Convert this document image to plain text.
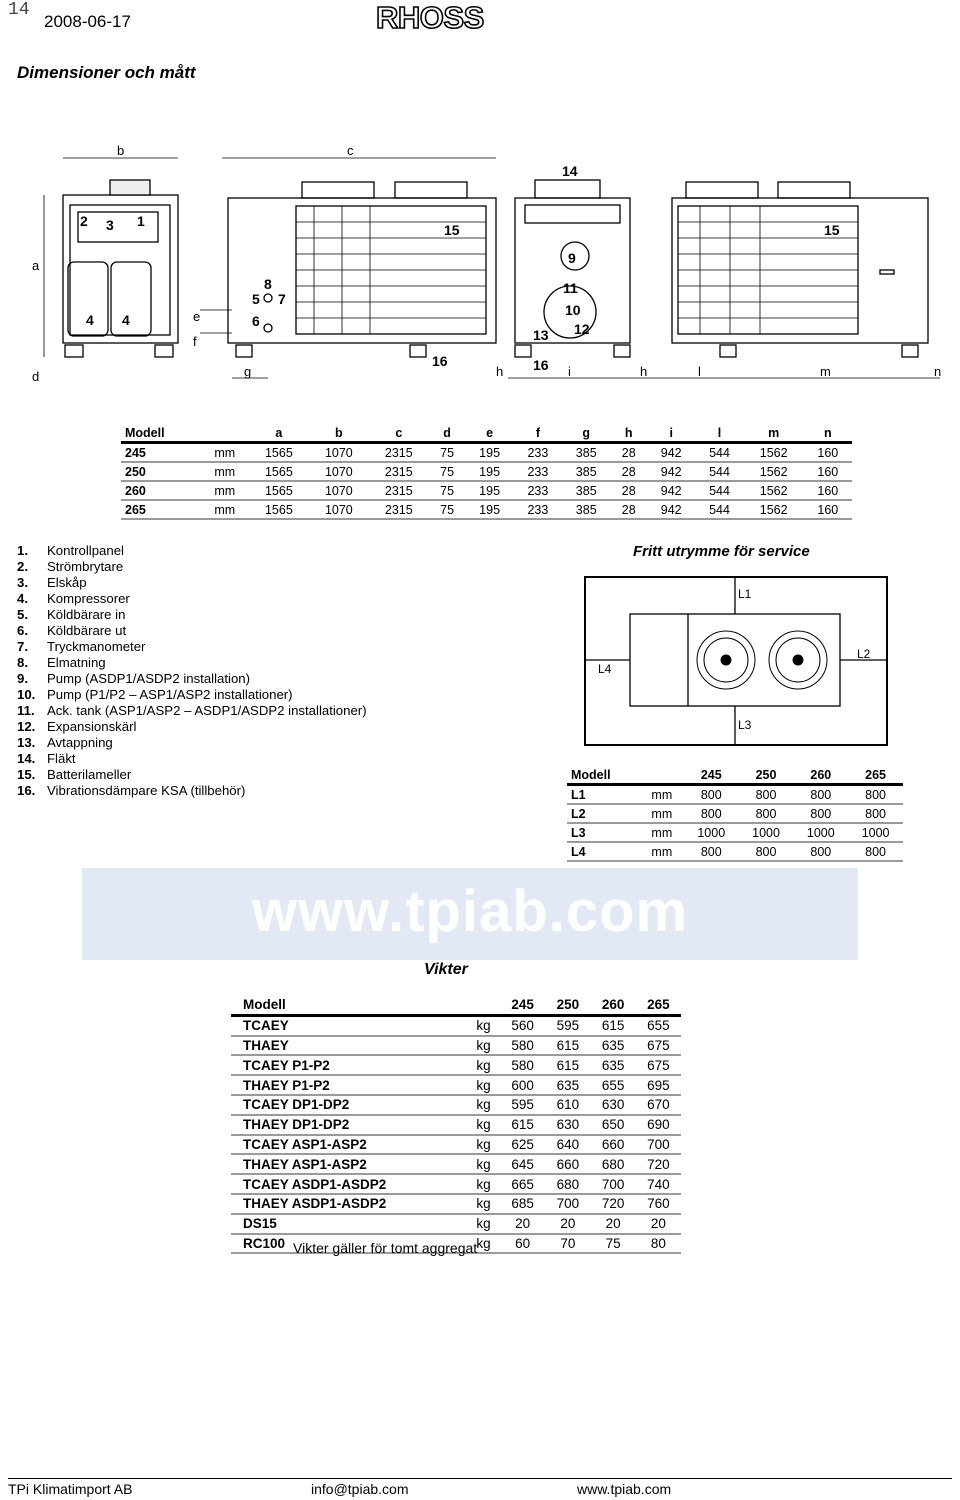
14
2008-06-17	RHOSS
Dimensioner och mått
a
b	c
d
e
f
g	h	i	h	l	m	n
1
2 3
4 4
5
6
7
8
9
10
11
12
13
14
15	15
16	16
Modell		a	b	c	d	e	f	g	h	i	l	m	n
245	mm	1565	1070	2315	75	195	233	385	28	942	544	1562	160
250	mm	1565	1070	2315	75	195	233	385	28	942	544	1562	160
260	mm	1565	1070	2315	75	195	233	385	28	942	544	1562	160
265	mm	1565	1070	2315	75	195	233	385	28	942	544	1562	160
1. Kontrollpanel
2. Strömbrytare
3. Elskåp
4. Kompressorer
5. Köldbärare in
6. Köldbärare ut
7. Tryckmanometer
8. Elmatning
9. Pump (ASDP1/ASDP2 installation)
10. Pump (P1/P2 – ASP1/ASP2 installationer)
11. Ack. tank (ASP1/ASP2 – ASDP1/ASDP2 installationer)
12. Expansionskärl
13. Avtappning
14. Fläkt
15. Batterilameller
16. Vibrationsdämpare KSA (tillbehör)
Fritt utrymme för service
L1
L2
L3
L4
Modell		245	250	260	265
L1	mm	800	800	800	800
L2	mm	800	800	800	800
L3	mm	1000	1000	1000	1000
L4	mm	800	800	800	800
www.tpiab.com
Vikter
Modell		245	250	260	265
TCAEY	kg	560	595	615	655
THAEY	kg	580	615	635	675
TCAEY P1-P2	kg	580	615	635	675
THAEY P1-P2	kg	600	635	655	695
TCAEY DP1-DP2	kg	595	610	630	670
THAEY DP1-DP2	kg	615	630	650	690
TCAEY ASP1-ASP2	kg	625	640	660	700
THAEY ASP1-ASP2	kg	645	660	680	720
TCAEY ASDP1-ASDP2	kg	665	680	700	740
THAEY ASDP1-ASDP2	kg	685	700	720	760
DS15	kg	20	20	20	20
RC100	kg	60	70	75	80
Vikter gäller för tomt aggregat
TPi Klimatimport AB	info@tpiab.com	www.tpiab.com
